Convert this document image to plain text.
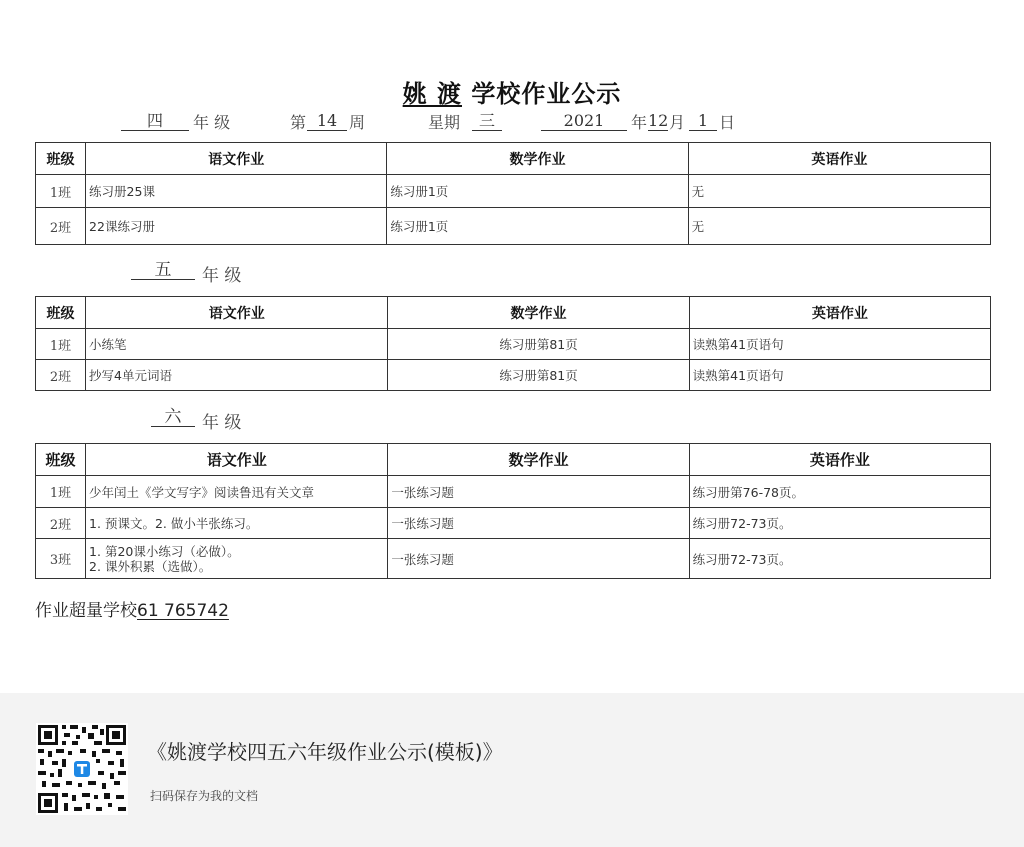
姚 渡 学校作业公示
四	年 级	第 14 周	星期	三	2021	年 12 月 1 日
班级	语文作业	数学作业	英语作业
1班	练习册25课	练习册1页	无
2班	22课练习册	练习册1页	无
五	年 级
班级	语文作业	数学作业	英语作业
1班	小练笔	练习册第81页	读熟第41页语句
2班	抄写4单元词语	练习册第81页	读熟第41页语句
六	年 级
班级	语文作业	数学作业	英语作业
1班	少年闰土《学文写字》阅读鲁迅有关文章	一张练习题	练习册第76-78页。
2班	1. 预课文。2. 做小半张练习。	一张练习题	练习册72-73页。
3班	1. 第20课小练习（必做）。
2. 课外积累（选做）。	一张练习题	练习册72-73页。
作业超量学校61 765742
《姚渡学校四五六年级作业公示(模板)》
扫码保存为我的文档
